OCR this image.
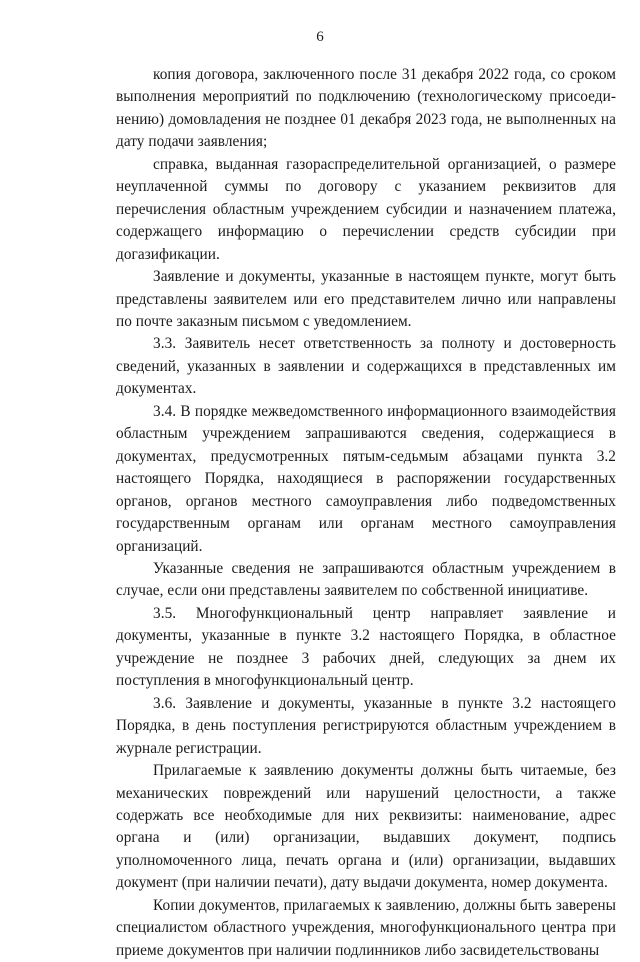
6

копия договора, заключенного после 31 декабря 2022 года, со сроком выполнения мероприятий по подключению (технологическому присоединению) домовладения не позднее 01 декабря 2023 года, не выполненных на дату подачи заявления;

справка, выданная газораспределительной организацией, о размере неуплаченной суммы по договору с указанием реквизитов для перечисления областным учреждением субсидии и назначением платежа, содержащего информацию о перечислении средств субсидии при догазификации.

Заявление и документы, указанные в настоящем пункте, могут быть представлены заявителем или его представителем лично или направлены по почте заказным письмом с уведомлением.

3.3. Заявитель несет ответственность за полноту и достоверность сведений, указанных в заявлении и содержащихся в представленных им документах.

3.4. В порядке межведомственного информационного взаимодействия областным учреждением запрашиваются сведения, содержащиеся в документах, предусмотренных пятым-седьмым абзацами пункта 3.2 настоящего Порядка, находящиеся в распоряжении государственных органов, органов местного самоуправления либо подведомственных государственным органам или органам местного самоуправления организаций.

Указанные сведения не запрашиваются областным учреждением в случае, если они представлены заявителем по собственной инициативе.

3.5. Многофункциональный центр направляет заявление и документы, указанные в пункте 3.2 настоящего Порядка, в областное учреждение не позднее 3 рабочих дней, следующих за днем их поступления в многофункциональный центр.

3.6. Заявление и документы, указанные в пункте 3.2 настоящего Порядка, в день поступления регистрируются областным учреждением в журнале регистрации.

Прилагаемые к заявлению документы должны быть читаемые, без механических повреждений или нарушений целостности, а также содержать все необходимые для них реквизиты: наименование, адрес органа и (или) организации, выдавших документ, подпись уполномоченного лица, печать органа и (или) организации, выдавших документ (при наличии печати), дату выдачи документа, номер документа.

Копии документов, прилагаемых к заявлению, должны быть заверены специалистом областного учреждения, многофункционального центра при приеме документов при наличии подлинников либо засвидетельствованы
